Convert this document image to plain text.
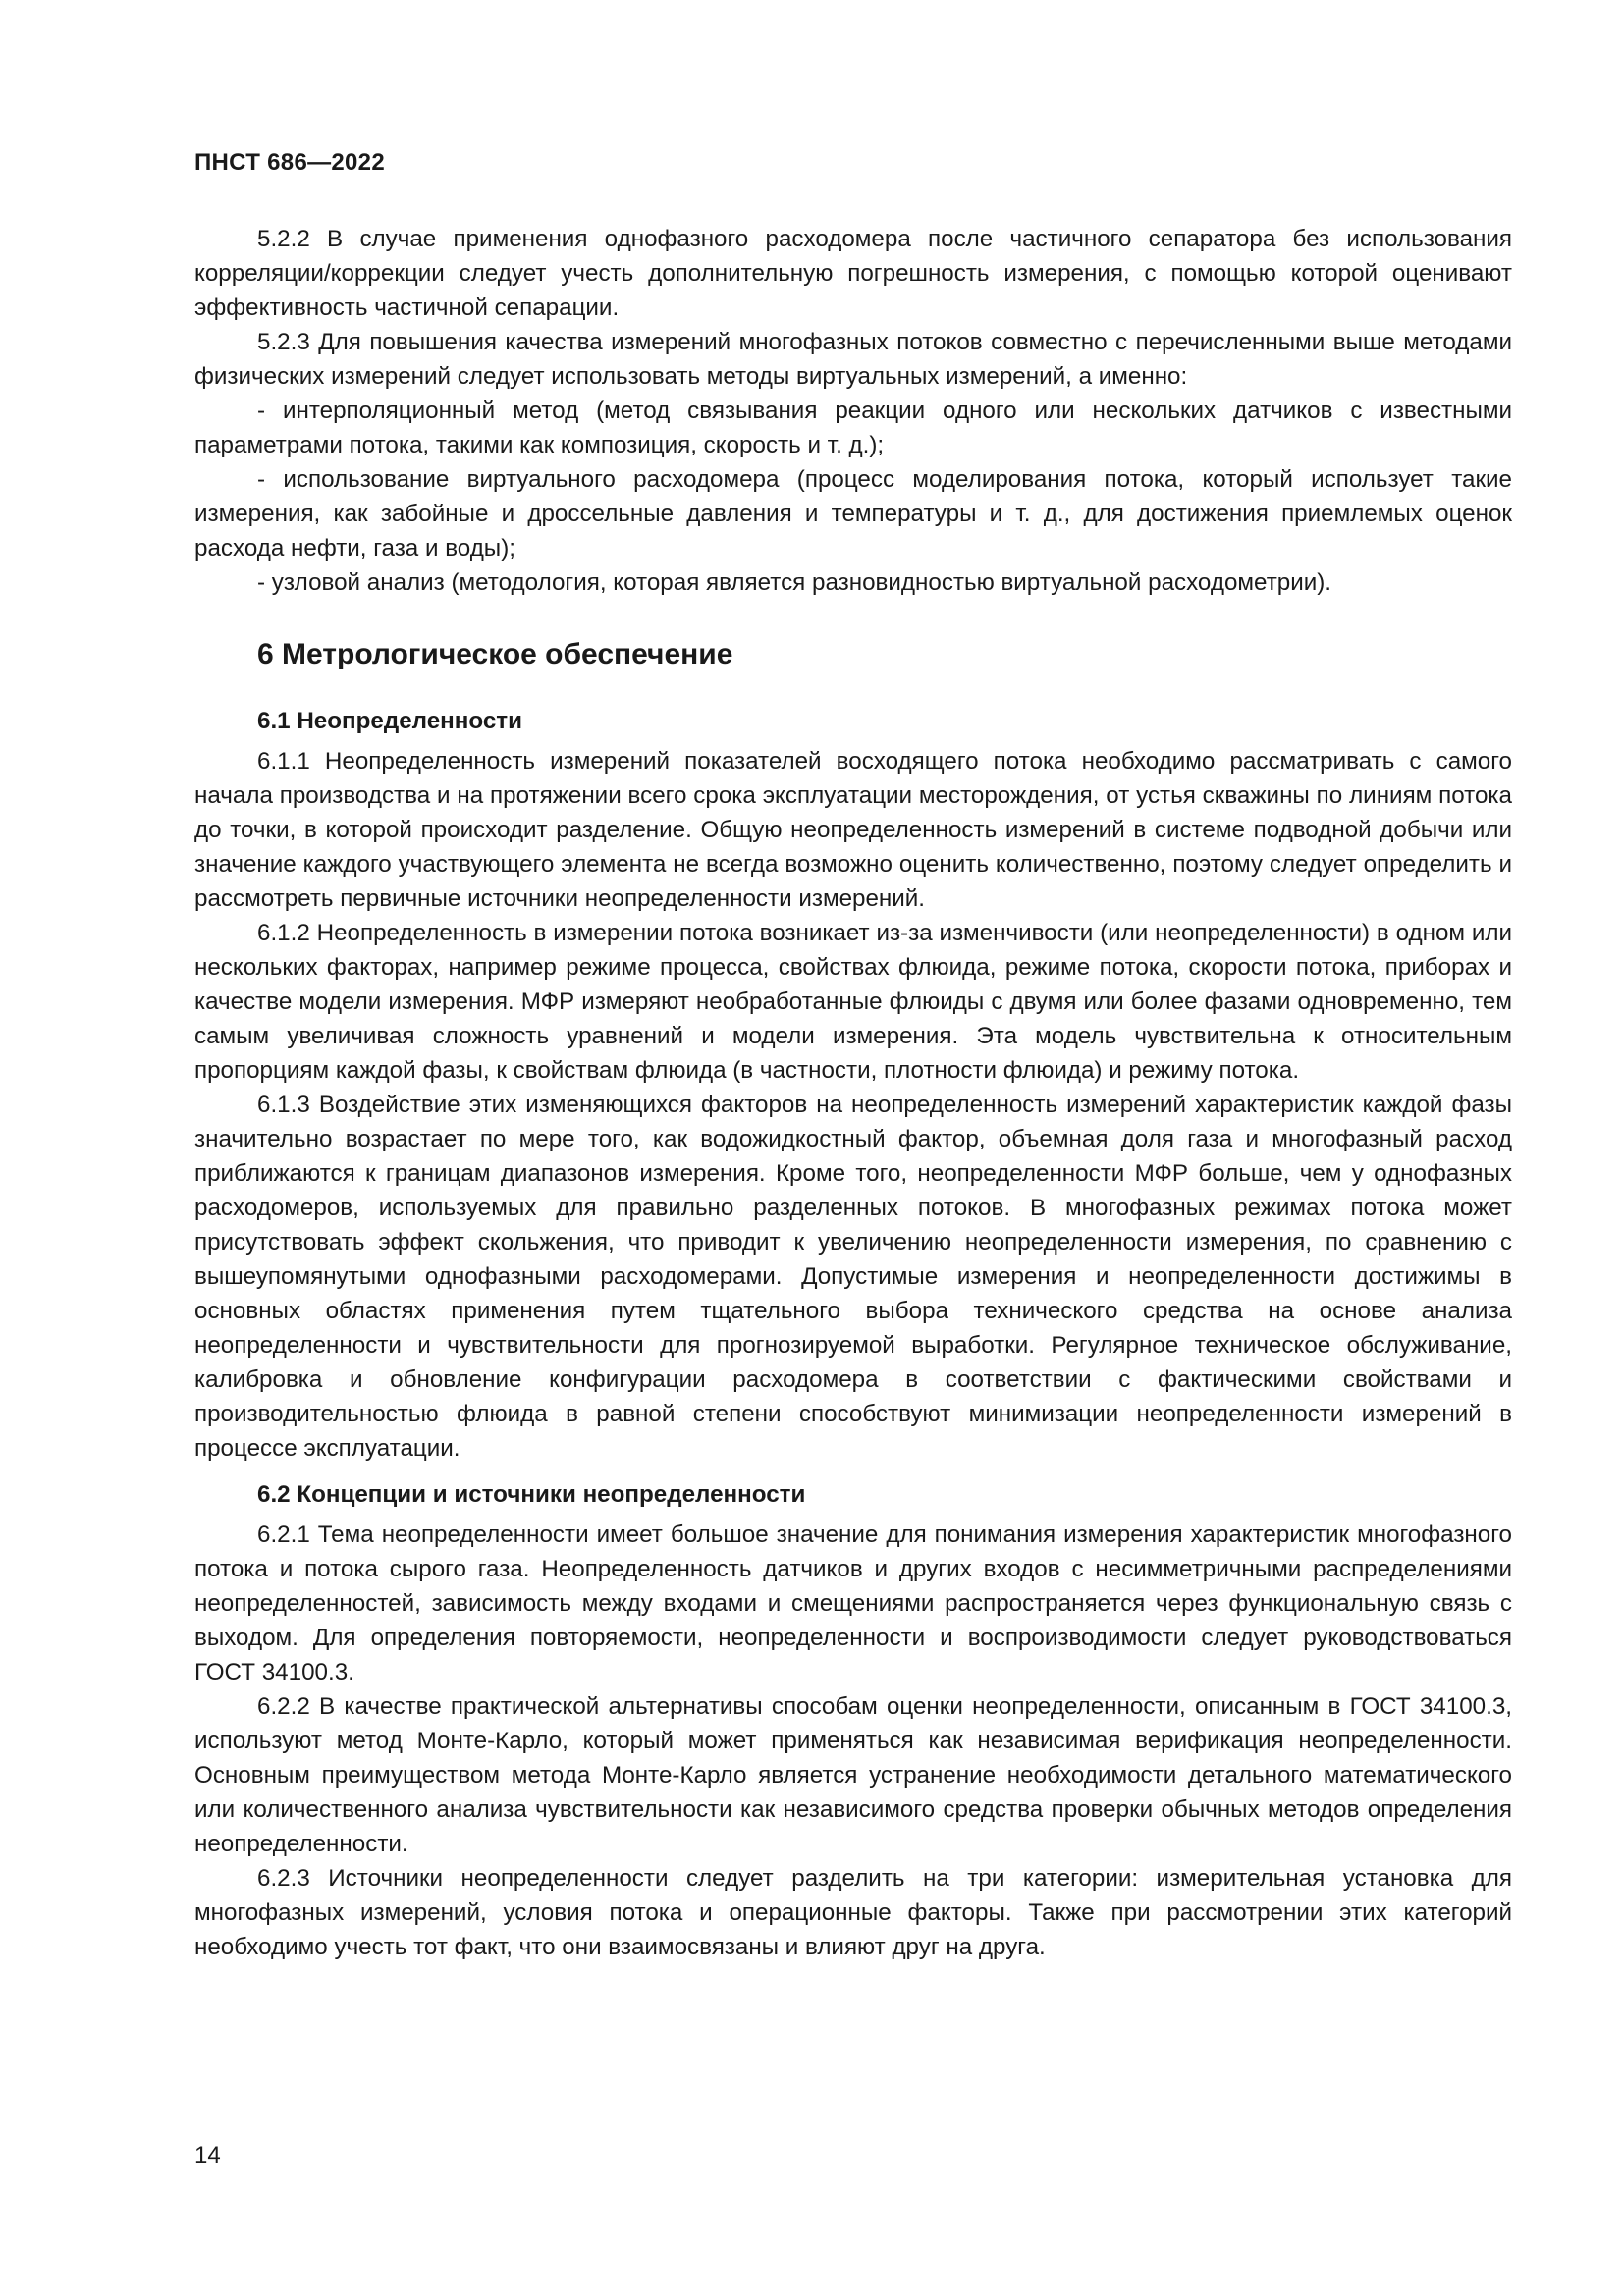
ПНСТ 686—2022

5.2.2 В случае применения однофазного расходомера после частичного сепаратора без использования корреляции/коррекции следует учесть дополнительную погрешность измерения, с помощью которой оценивают эффективность частичной сепарации.

5.2.3 Для повышения качества измерений многофазных потоков совместно с перечисленными выше методами физических измерений следует использовать методы виртуальных измерений, а именно:

- интерполяционный метод (метод связывания реакции одного или нескольких датчиков с известными параметрами потока, такими как композиция, скорость и т. д.);

- использование виртуального расходомера (процесс моделирования потока, который использует такие измерения, как забойные и дроссельные давления и температуры и т. д., для достижения приемлемых оценок расхода нефти, газа и воды);

- узловой анализ (методология, которая является разновидностью виртуальной расходометрии).

6 Метрологическое обеспечение
6.1 Неопределенности

6.1.1 Неопределенность измерений показателей восходящего потока необходимо рассматривать с самого начала производства и на протяжении всего срока эксплуатации месторождения, от устья скважины по линиям потока до точки, в которой происходит разделение. Общую неопределенность измерений в системе подводной добычи или значение каждого участвующего элемента не всегда возможно оценить количественно, поэтому следует определить и рассмотреть первичные источники неопределенности измерений.

6.1.2 Неопределенность в измерении потока возникает из-за изменчивости (или неопределенности) в одном или нескольких факторах, например режиме процесса, свойствах флюида, режиме потока, скорости потока, приборах и качестве модели измерения. МФР измеряют необработанные флюиды с двумя или более фазами одновременно, тем самым увеличивая сложность уравнений и модели измерения. Эта модель чувствительна к относительным пропорциям каждой фазы, к свойствам флюида (в частности, плотности флюида) и режиму потока.

6.1.3 Воздействие этих изменяющихся факторов на неопределенность измерений характеристик каждой фазы значительно возрастает по мере того, как водожидкостный фактор, объемная доля газа и многофазный расход приближаются к границам диапазонов измерения. Кроме того, неопределенности МФР больше, чем у однофазных расходомеров, используемых для правильно разделенных потоков. В многофазных режимах потока может присутствовать эффект скольжения, что приводит к увеличению неопределенности измерения, по сравнению с вышеупомянутыми однофазными расходомерами. Допустимые измерения и неопределенности достижимы в основных областях применения путем тщательного выбора технического средства на основе анализа неопределенности и чувствительности для прогнозируемой выработки. Регулярное техническое обслуживание, калибровка и обновление конфигурации расходомера в соответствии с фактическими свойствами и производительностью флюида в равной степени способствуют минимизации неопределенности измерений в процессе эксплуатации.

6.2 Концепции и источники неопределенности

6.2.1 Тема неопределенности имеет большое значение для понимания измерения характеристик многофазного потока и потока сырого газа. Неопределенность датчиков и других входов с несимметричными распределениями неопределенностей, зависимость между входами и смещениями распространяется через функциональную связь с выходом. Для определения повторяемости, неопределенности и воспроизводимости следует руководствоваться ГОСТ 34100.3.

6.2.2 В качестве практической альтернативы способам оценки неопределенности, описанным в ГОСТ 34100.3, используют метод Монте-Карло, который может применяться как независимая верификация неопределенности. Основным преимуществом метода Монте-Карло является устранение необходимости детального математического или количественного анализа чувствительности как независимого средства проверки обычных методов определения неопределенности.

6.2.3 Источники неопределенности следует разделить на три категории: измерительная установка для многофазных измерений, условия потока и операционные факторы. Также при рассмотрении этих категорий необходимо учесть тот факт, что они взаимосвязаны и влияют друг на друга.

14
